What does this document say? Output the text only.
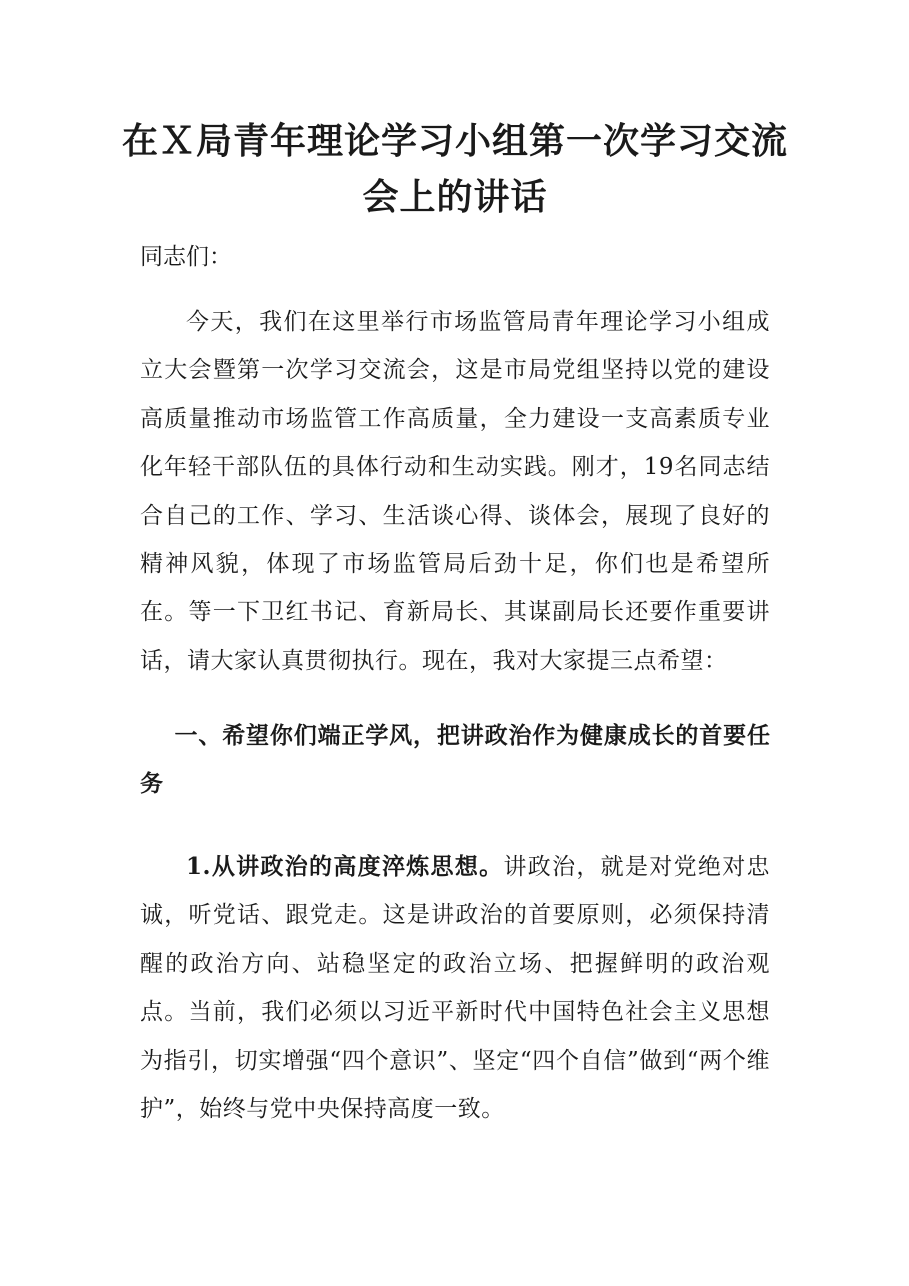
在Ｘ局青年理论学习小组第一次学习交流会上的讲话

同志们：

今天，我们在这里举行市场监管局青年理论学习小组成立大会暨第一次学习交流会，这是市局党组坚持以党的建设高质量推动市场监管工作高质量，全力建设一支高素质专业化年轻干部队伍的具体行动和生动实践。刚才，19名同志结合自己的工作、学习、生活谈心得、谈体会，展现了良好的精神风貌，体现了市场监管局后劲十足，你们也是希望所在。等一下卫红书记、育新局长、其谋副局长还要作重要讲话，请大家认真贯彻执行。现在，我对大家提三点希望：

一、希望你们端正学风，把讲政治作为健康成长的首要任务

1.从讲政治的高度淬炼思想。讲政治，就是对党绝对忠诚，听党话、跟党走。这是讲政治的首要原则，必须保持清醒的政治方向、站稳坚定的政治立场、把握鲜明的政治观点。当前，我们必须以习近平新时代中国特色社会主义思想为指引，切实增强“四个意识”、坚定“四个自信”做到“两个维护”，始终与党中央保持高度一致。
